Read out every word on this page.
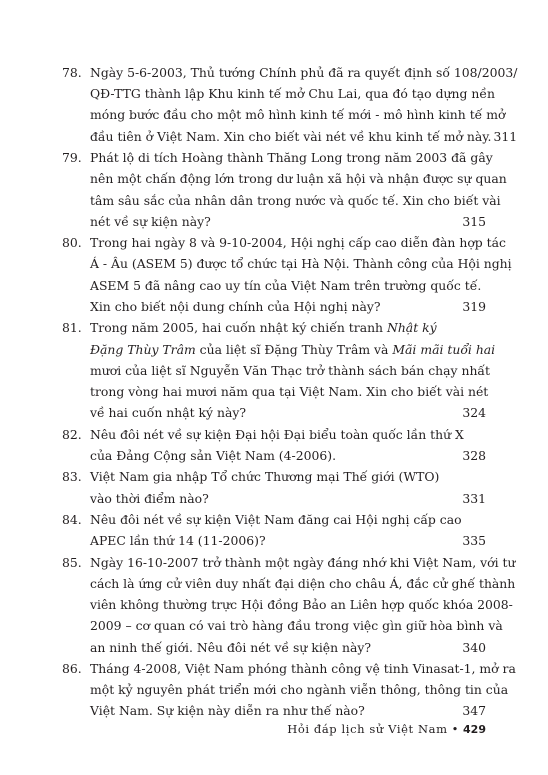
78. Ngày 5-6-2003, Thủ tướng Chính phủ đã ra quyết định số 108/2003/
QĐ-TTG thành lập Khu kinh tế mở Chu Lai, qua đó tạo dựng nền
móng bước đầu cho một mô hình kinh tế mới - mô hình kinh tế mở
đầu tiên ở Việt Nam. Xin cho biết vài nét về khu kinh tế mở này. 311
79. Phát lộ di tích Hoàng thành Thăng Long trong năm 2003 đã gây
nên một chấn động lớn trong dư luận xã hội và nhận được sự quan
tâm sâu sắc của nhân dân trong nước và quốc tế. Xin cho biết vài
nét về sự kiện này?	315
80. Trong hai ngày 8 và 9-10-2004, Hội nghị cấp cao diễn đàn hợp tác
Á - Âu (ASEM 5) được tổ chức tại Hà Nội. Thành công của Hội nghị
ASEM 5 đã nâng cao uy tín của Việt Nam trên trường quốc tế.
Xin cho biết nội dung chính của Hội nghị này?	319
81. Trong năm 2005, hai cuốn nhật ký chiến tranh Nhật ký
Đặng Thùy Trâm của liệt sĩ Đặng Thùy Trâm và Mãi mãi tuổi hai
mươi của liệt sĩ Nguyễn Văn Thạc trở thành sách bán chạy nhất
trong vòng hai mươi năm qua tại Việt Nam. Xin cho biết vài nét
về hai cuốn nhật ký này?	324
82. Nêu đôi nét về sự kiện Đại hội Đại biểu toàn quốc lần thứ X
của Đảng Cộng sản Việt Nam (4-2006).	328
83. Việt Nam gia nhập Tổ chức Thương mại Thế giới (WTO)
vào thời điểm nào?	331
84. Nêu đôi nét về sự kiện Việt Nam đăng cai Hội nghị cấp cao
APEC lần thứ 14 (11-2006)?	335
85. Ngày 16-10-2007 trở thành một ngày đáng nhớ khi Việt Nam, với tư
cách là ứng cử viên duy nhất đại diện cho châu Á, đắc cử ghế thành
viên không thường trực Hội đồng Bảo an Liên hợp quốc khóa 2008-
2009 – cơ quan có vai trò hàng đầu trong việc gìn giữ hòa bình và
an ninh thế giới. Nêu đôi nét về sự kiện này?	340
86. Tháng 4-2008, Việt Nam phóng thành công vệ tinh Vinasat-1, mở ra
một kỷ nguyên phát triển mới cho ngành viễn thông, thông tin của
Việt Nam. Sự kiện này diễn ra như thế nào?	347
Hỏi đáp lịch sử Việt Nam • 429
